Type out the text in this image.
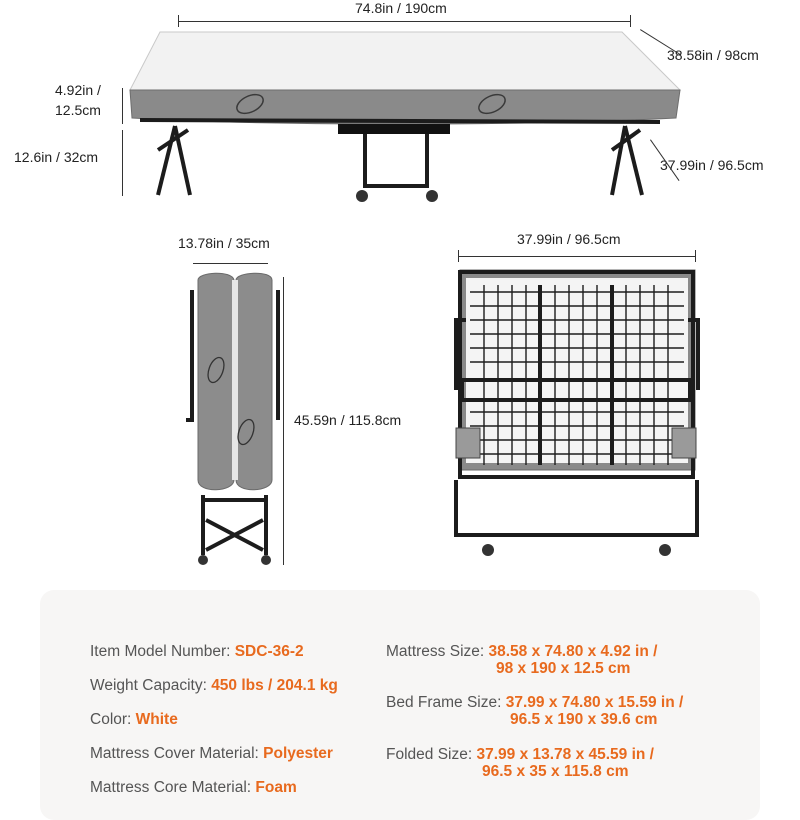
74.8in / 190cm
38.58in / 98cm
4.92in /
12.5cm
12.6in / 32cm	37.99in / 96.5cm
13.78in / 35cm
45.59n / 115.8cm
37.99in / 96.5cm
Item Model Number: SDC-36-2
Weight Capacity: 450 lbs / 204.1 kg
Color: White
Mattress Cover Material: Polyester
Mattress Core Material: Foam
Mattress Size: 38.58 x 74.80 x 4.92 in /
98 x 190 x 12.5 cm
Bed Frame Size: 37.99 x 74.80 x 15.59 in /
96.5 x 190 x 39.6 cm
Folded Size: 37.99 x 13.78 x 45.59 in /
96.5 x 35 x 115.8 cm
